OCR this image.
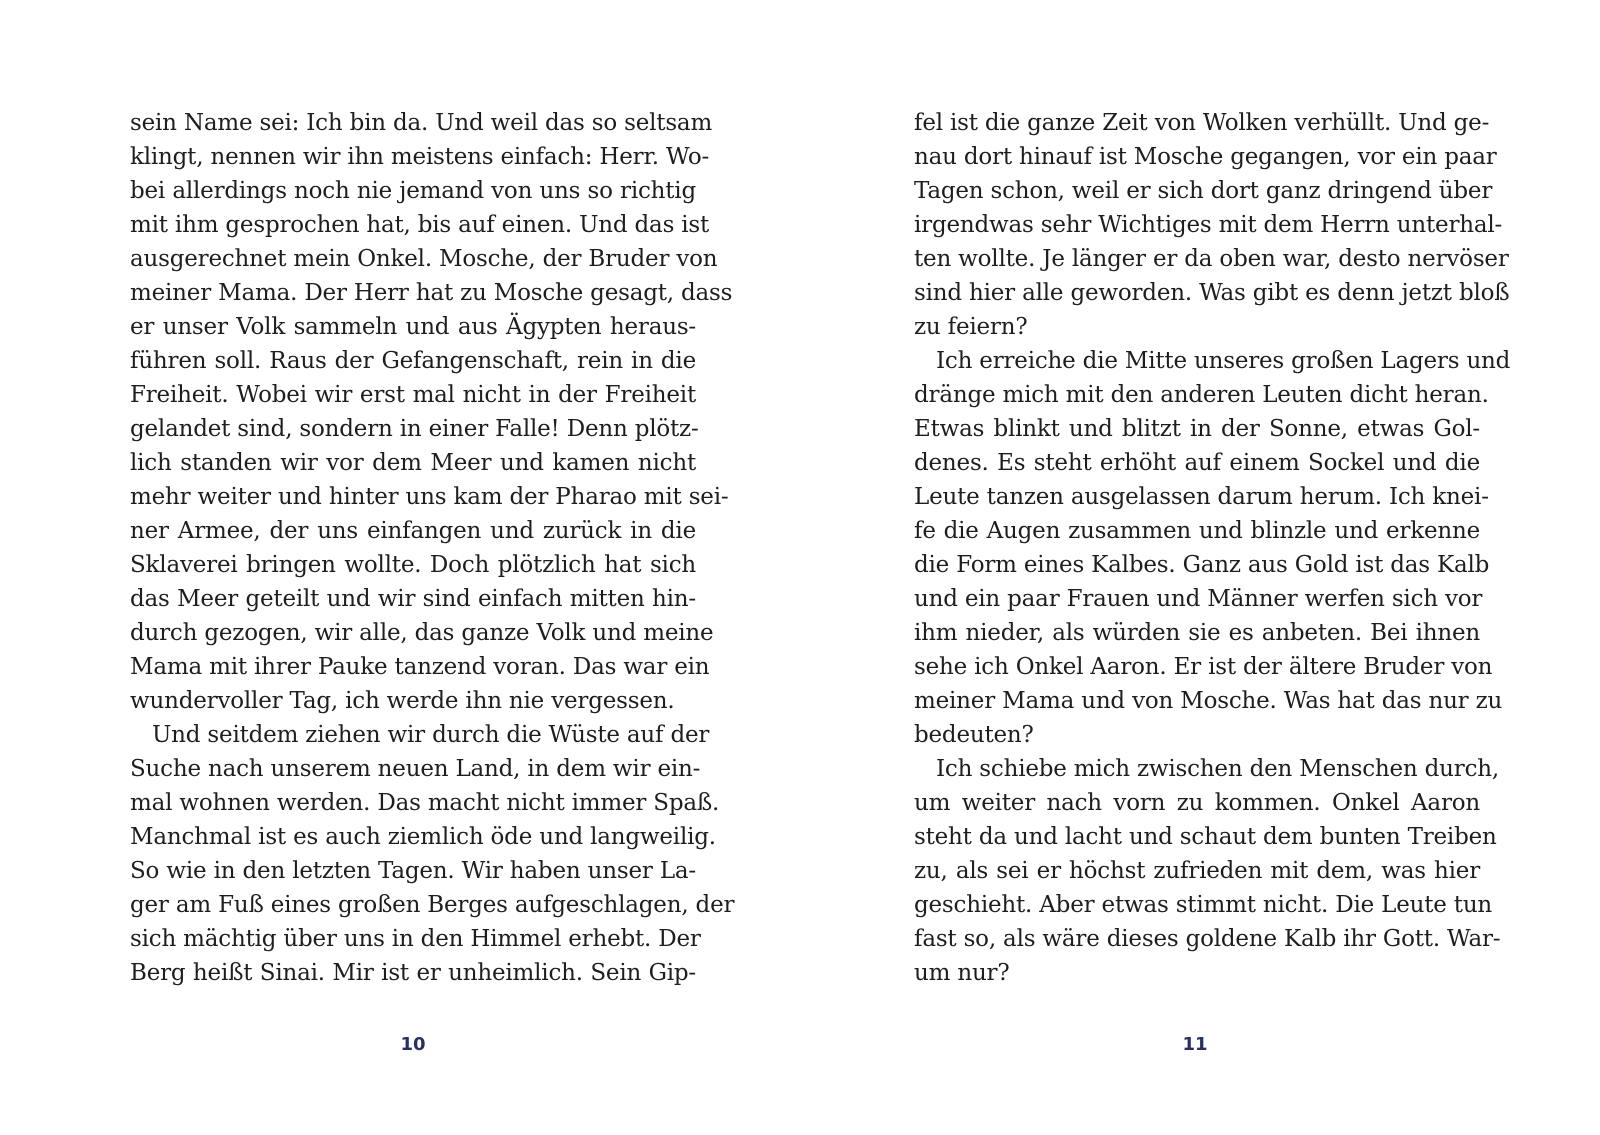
sein Name sei: Ich bin da. Und weil das so seltsam
klingt, nennen wir ihn meistens einfach: Herr. Wo-
bei allerdings noch nie jemand von uns so richtig
mit ihm gesprochen hat, bis auf einen. Und das ist
ausgerechnet mein Onkel. Mosche, der Bruder von
meiner Mama. Der Herr hat zu Mosche gesagt, dass
er unser Volk sammeln und aus Ägypten heraus-
führen soll. Raus der Gefangenschaft, rein in die
Freiheit. Wobei wir erst mal nicht in der Freiheit
gelandet sind, sondern in einer Falle! Denn plötz-
lich standen wir vor dem Meer und kamen nicht
mehr weiter und hinter uns kam der Pharao mit sei-
ner Armee, der uns einfangen und zurück in die
Sklaverei bringen wollte. Doch plötzlich hat sich
das Meer geteilt und wir sind einfach mitten hin-
durch gezogen, wir alle, das ganze Volk und meine
Mama mit ihrer Pauke tanzend voran. Das war ein
wundervoller Tag, ich werde ihn nie vergessen.
Und seitdem ziehen wir durch die Wüste auf der
Suche nach unserem neuen Land, in dem wir ein-
mal wohnen werden. Das macht nicht immer Spaß.
Manchmal ist es auch ziemlich öde und langweilig.
So wie in den letzten Tagen. Wir haben unser La-
ger am Fuß eines großen Berges aufgeschlagen, der
sich mächtig über uns in den Himmel erhebt. Der
Berg heißt Sinai. Mir ist er unheimlich. Sein Gip-
10
fel ist die ganze Zeit von Wolken verhüllt. Und ge-
nau dort hinauf ist Mosche gegangen, vor ein paar
Tagen schon, weil er sich dort ganz dringend über
irgendwas sehr Wichtiges mit dem Herrn unterhal-
ten wollte. Je länger er da oben war, desto nervöser
sind hier alle geworden. Was gibt es denn jetzt bloß
zu feiern?
Ich erreiche die Mitte unseres großen Lagers und
dränge mich mit den anderen Leuten dicht heran.
Etwas blinkt und blitzt in der Sonne, etwas Gol-
denes. Es steht erhöht auf einem Sockel und die
Leute tanzen ausgelassen darum herum. Ich knei-
fe die Augen zusammen und blinzle und erkenne
die Form eines Kalbes. Ganz aus Gold ist das Kalb
und ein paar Frauen und Männer werfen sich vor
ihm nieder, als würden sie es anbeten. Bei ihnen
sehe ich Onkel Aaron. Er ist der ältere Bruder von
meiner Mama und von Mosche. Was hat das nur zu
bedeuten?
Ich schiebe mich zwischen den Menschen durch,
um weiter nach vorn zu kommen. Onkel Aaron
steht da und lacht und schaut dem bunten Treiben
zu, als sei er höchst zufrieden mit dem, was hier
geschieht. Aber etwas stimmt nicht. Die Leute tun
fast so, als wäre dieses goldene Kalb ihr Gott. War-
um nur?
11
